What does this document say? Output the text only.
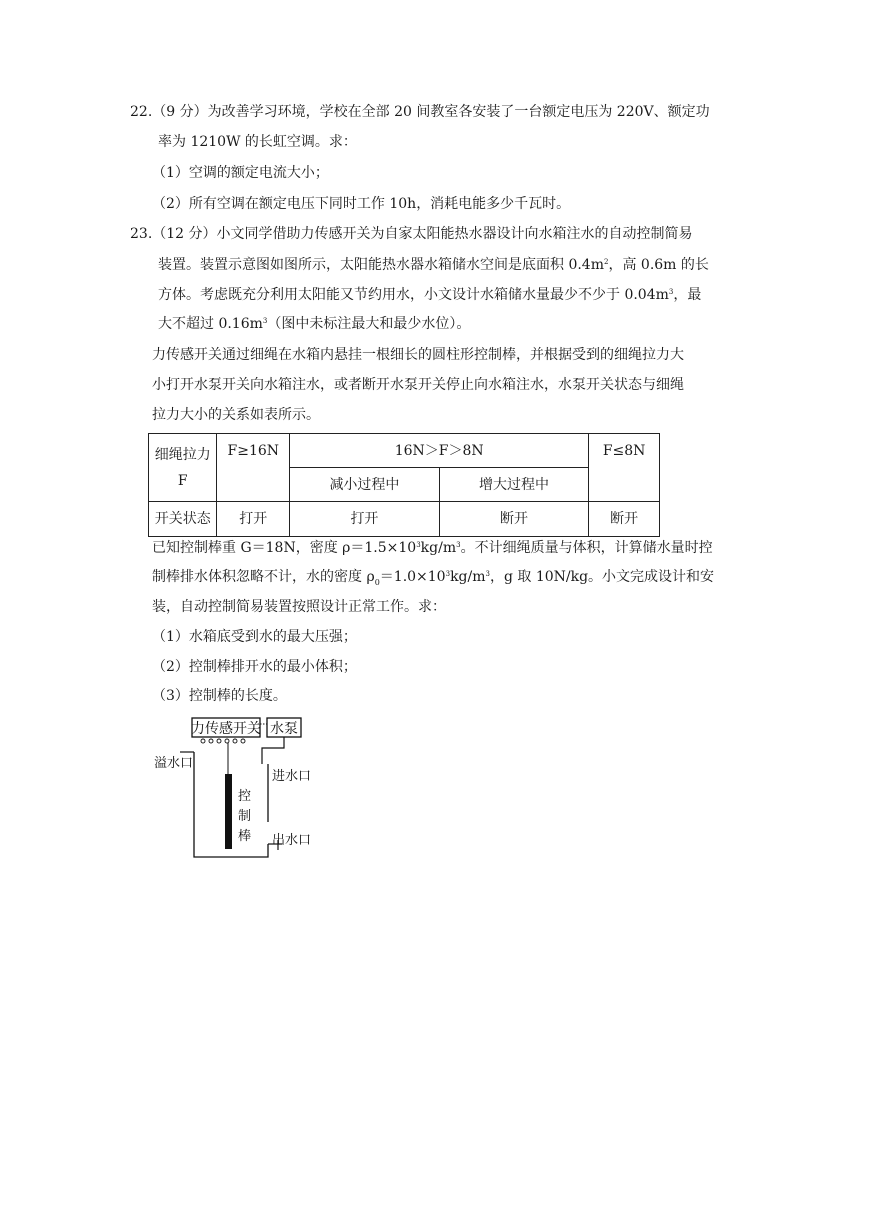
22.（9 分）为改善学习环境，学校在全部 20 间教室各安装了一台额定电压为 220V、额定功
率为 1210W 的长虹空调。求：
（1）空调的额定电流大小；
（2）所有空调在额定电压下同时工作 10h，消耗电能多少千瓦时。
23.（12 分）小文同学借助力传感开关为自家太阳能热水器设计向水箱注水的自动控制简易
装置。装置示意图如图所示，太阳能热水器水箱储水空间是底面积 $0.4m^2$，高 0.6m 的长
方体。考虑既充分利用太阳能又节约用水，小文设计水箱储水量最少不少于 $0.04m^3$，最
大不超过 $0.16m^3$（图中未标注最大和最少水位）。
力传感开关通过细绳在水箱内悬挂一根细长的圆柱形控制棒，并根据受到的细绳拉力大
小打开水泵开关向水箱注水，或者断开水泵开关停止向水箱注水，水泵开关状态与细绳
拉力大小的关系如表所示。
细绳拉力
F	F≥16N	16N＞F＞8N		F≤8N
		减小过程中	增大过程中	
开关状态	打开	打开	断开	断开
已知控制棒重 G＝18N，密度 $\rho=1.5\times 10^3kg/m^3$。不计细绳质量与体积，计算储水量时控
制棒排水体积忽略不计，水的密度 $\rho_0=1.0\times 10^3kg/m^3$，g 取 10N/kg。小文完成设计和安
装，自动控制简易装置按照设计正常工作。求：
（1）水箱底受到水的最大压强；
（2）控制棒排开水的最小体积；
（3）控制棒的长度。
力传感开关 水泵
溢水口
进水口
控
制
棒 出水口
